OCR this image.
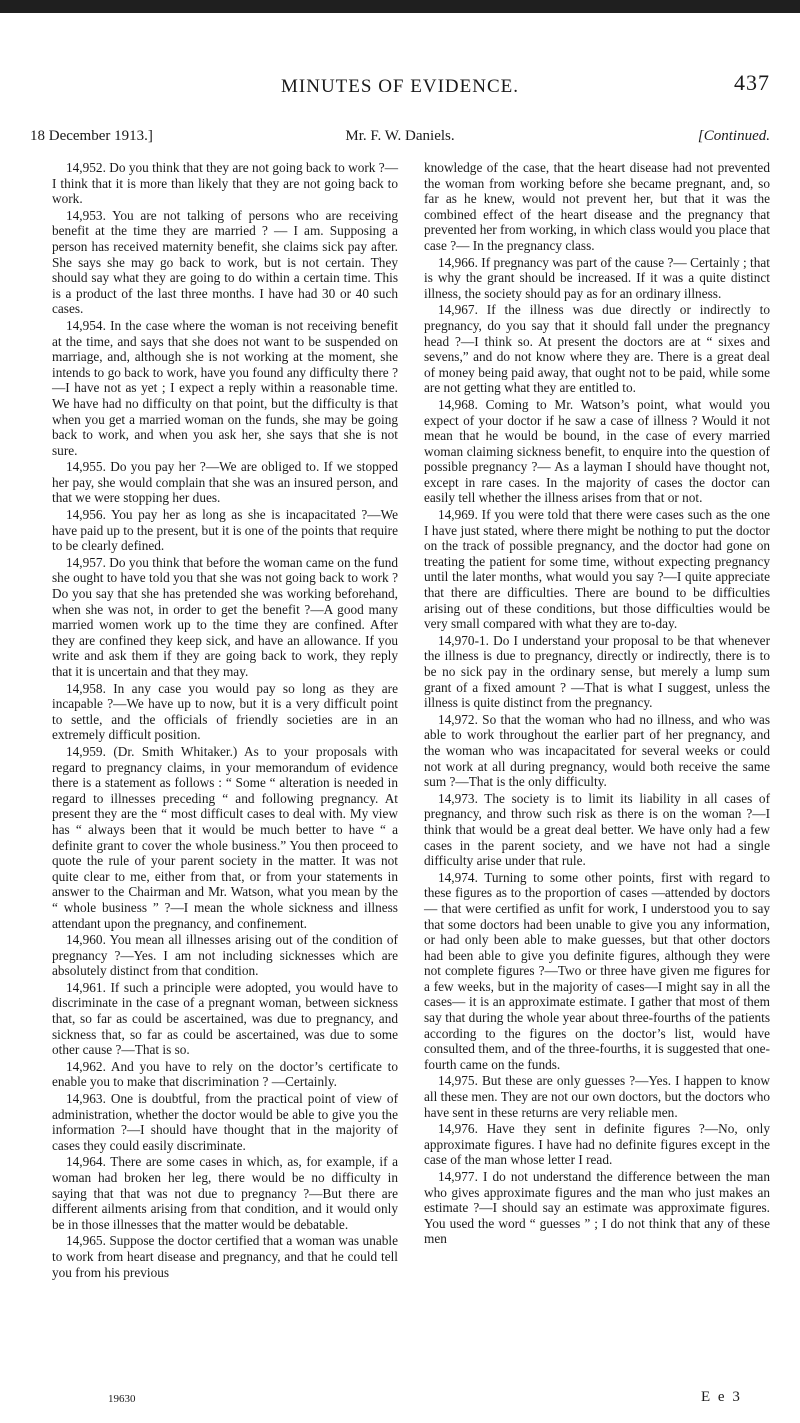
MINUTES OF EVIDENCE.	437
18 December 1913.]	Mr. F. W. Daniels.	[Continued.

14,952. Do you think that they are not going back to work ?—I think that it is more than likely that they are not going back to work.

14,953. You are not talking of persons who are receiving benefit at the time they are married ? — I am. Supposing a person has received maternity benefit, she claims sick pay after. She says she may go back to work, but is not certain. They should say what they are going to do within a certain time. This is a product of the last three months. I have had 30 or 40 such cases.

14,954. In the case where the woman is not receiving benefit at the time, and says that she does not want to be suspended on marriage, and, although she is not working at the moment, she intends to go back to work, have you found any difficulty there ?—I have not as yet ; I expect a reply within a reasonable time. We have had no difficulty on that point, but the difficulty is that when you get a married woman on the funds, she may be going back to work, and when you ask her, she says that she is not sure.

14,955. Do you pay her ?—We are obliged to. If we stopped her pay, she would complain that she was an insured person, and that we were stopping her dues.

14,956. You pay her as long as she is incapacitated ?—We have paid up to the present, but it is one of the points that require to be clearly defined.

14,957. Do you think that before the woman came on the fund she ought to have told you that she was not going back to work ? Do you say that she has pretended she was working beforehand, when she was not, in order to get the benefit ?—A good many married women work up to the time they are confined. After they are confined they keep sick, and have an allowance. If you write and ask them if they are going back to work, they reply that it is uncertain and that they may.

14,958. In any case you would pay so long as they are incapable ?—We have up to now, but it is a very difficult point to settle, and the officials of friendly societies are in an extremely difficult position.

14,959. (Dr. Smith Whitaker.) As to your proposals with regard to pregnancy claims, in your memorandum of evidence there is a statement as follows : “ Some “ alteration is needed in regard to illnesses preceding “ and following pregnancy. At present they are the “ most difficult cases to deal with. My view has “ always been that it would be much better to have “ a definite grant to cover the whole business.” You then proceed to quote the rule of your parent society in the matter. It was not quite clear to me, either from that, or from your statements in answer to the Chairman and Mr. Watson, what you mean by the “ whole business ” ?—I mean the whole sickness and illness attendant upon the pregnancy, and confinement.

14,960. You mean all illnesses arising out of the condition of pregnancy ?—Yes. I am not including sicknesses which are absolutely distinct from that condition.

14,961. If such a principle were adopted, you would have to discriminate in the case of a pregnant woman, between sickness that, so far as could be ascertained, was due to pregnancy, and sickness that, so far as could be ascertained, was due to some other cause ?—That is so.

14,962. And you have to rely on the doctor’s certificate to enable you to make that discrimination ? —Certainly.

14,963. One is doubtful, from the practical point of view of administration, whether the doctor would be able to give you the information ?—I should have thought that in the majority of cases they could easily discriminate.

14,964. There are some cases in which, as, for example, if a woman had broken her leg, there would be no difficulty in saying that that was not due to pregnancy ?—But there are different ailments arising from that condition, and it would only be in those illnesses that the matter would be debatable.

14,965. Suppose the doctor certified that a woman was unable to work from heart disease and pregnancy, and that he could tell you from his previous

knowledge of the case, that the heart disease had not prevented the woman from working before she became pregnant, and, so far as he knew, would not prevent her, but that it was the combined effect of the heart disease and the pregnancy that prevented her from working, in which class would you place that case ?— In the pregnancy class.

14,966. If pregnancy was part of the cause ?— Certainly ; that is why the grant should be increased. If it was a quite distinct illness, the society should pay as for an ordinary illness.

14,967. If the illness was due directly or indirectly to pregnancy, do you say that it should fall under the pregnancy head ?—I think so. At present the doctors are at “ sixes and sevens,” and do not know where they are. There is a great deal of money being paid away, that ought not to be paid, while some are not getting what they are entitled to.

14,968. Coming to Mr. Watson’s point, what would you expect of your doctor if he saw a case of illness ? Would it not mean that he would be bound, in the case of every married woman claiming sickness benefit, to enquire into the question of possible pregnancy ?— As a layman I should have thought not, except in rare cases. In the majority of cases the doctor can easily tell whether the illness arises from that or not.

14,969. If you were told that there were cases such as the one I have just stated, where there might be nothing to put the doctor on the track of possible pregnancy, and the doctor had gone on treating the patient for some time, without expecting pregnancy until the later months, what would you say ?—I quite appreciate that there are difficulties. There are bound to be difficulties arising out of these conditions, but those difficulties would be very small compared with what they are to-day.

14,970-1. Do I understand your proposal to be that whenever the illness is due to pregnancy, directly or indirectly, there is to be no sick pay in the ordinary sense, but merely a lump sum grant of a fixed amount ? —That is what I suggest, unless the illness is quite distinct from the pregnancy.

14,972. So that the woman who had no illness, and who was able to work throughout the earlier part of her pregnancy, and the woman who was incapacitated for several weeks or could not work at all during pregnancy, would both receive the same sum ?—That is the only difficulty.

14,973. The society is to limit its liability in all cases of pregnancy, and throw such risk as there is on the woman ?—I think that would be a great deal better. We have only had a few cases in the parent society, and we have not had a single difficulty arise under that rule.

14,974. Turning to some other points, first with regard to these figures as to the proportion of cases —attended by doctors— that were certified as unfit for work, I understood you to say that some doctors had been unable to give you any information, or had only been able to make guesses, but that other doctors had been able to give you definite figures, although they were not complete figures ?—Two or three have given me figures for a few weeks, but in the majority of cases—I might say in all the cases— it is an approximate estimate. I gather that most of them say that during the whole year about three-fourths of the patients according to the figures on the doctor’s list, would have consulted them, and of the three-fourths, it is suggested that one-fourth came on the funds.

14,975. But these are only guesses ?—Yes. I happen to know all these men. They are not our own doctors, but the doctors who have sent in these returns are very reliable men.

14,976. Have they sent in definite figures ?—No, only approximate figures. I have had no definite figures except in the case of the man whose letter I read.

14,977. I do not understand the difference between the man who gives approximate figures and the man who just makes an estimate ?—I should say an estimate was approximate figures. You used the word “ guesses ” ; I do not think that any of these men

19630	E e 3
